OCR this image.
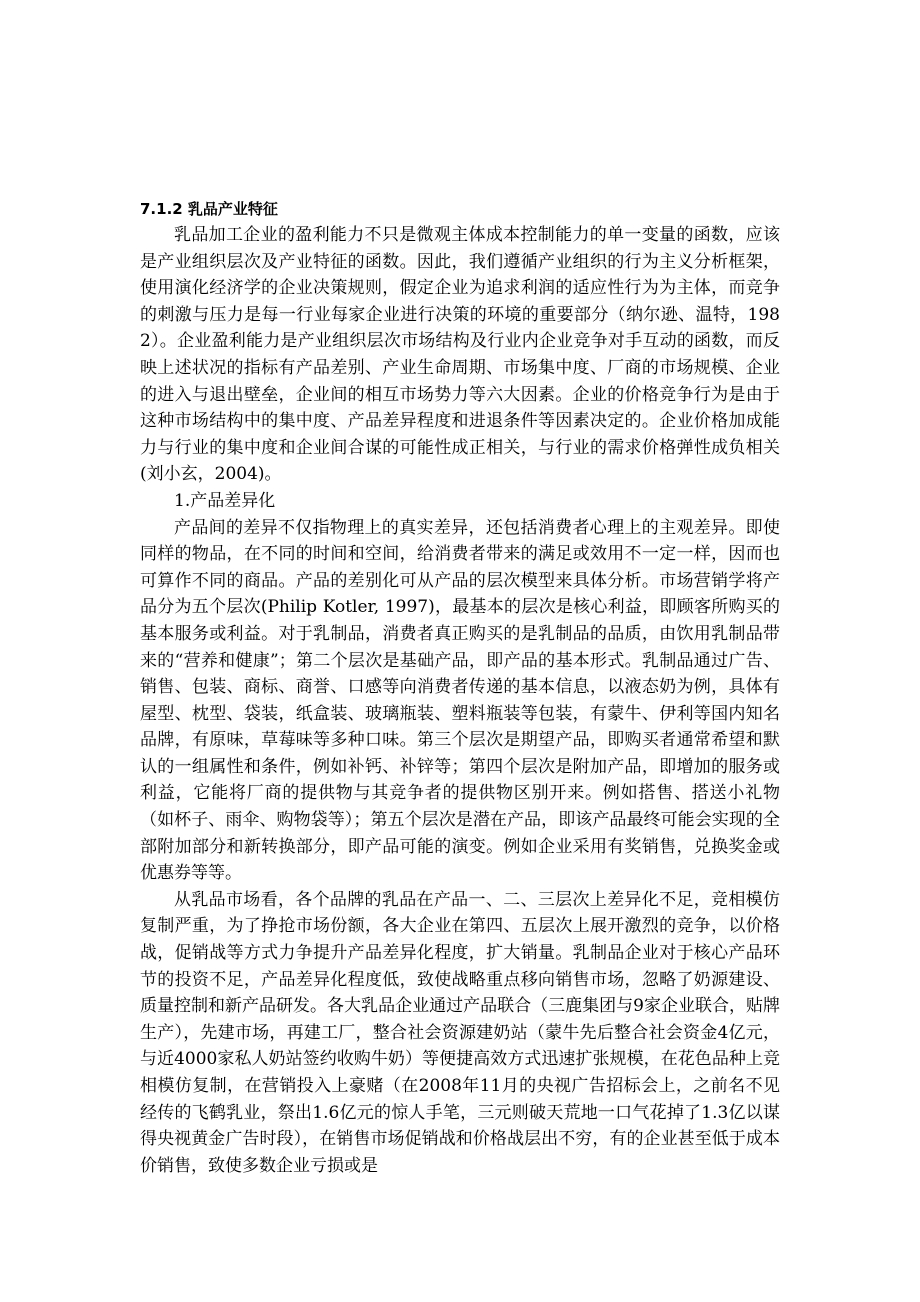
7.1.2 乳品产业特征

乳品加工企业的盈利能力不只是微观主体成本控制能力的单一变量的函数，应该是产业组织层次及产业特征的函数。因此，我们遵循产业组织的行为主义分析框架，使用演化经济学的企业决策规则，假定企业为追求利润的适应性行为为主体，而竞争的刺激与压力是每一行业每家企业进行决策的环境的重要部分（纳尔逊、温特，1982）。企业盈利能力是产业组织层次市场结构及行业内企业竞争对手互动的函数，而反映上述状况的指标有产品差别、产业生命周期、市场集中度、厂商的市场规模、企业的进入与退出壁垒，企业间的相互市场势力等六大因素。企业的价格竞争行为是由于这种市场结构中的集中度、产品差异程度和进退条件等因素决定的。企业价格加成能力与行业的集中度和企业间合谋的可能性成正相关，与行业的需求价格弹性成负相关(刘小玄，2004)。

1.产品差异化

产品间的差异不仅指物理上的真实差异，还包括消费者心理上的主观差异。即使同样的物品，在不同的时间和空间，给消费者带来的满足或效用不一定一样，因而也可算作不同的商品。产品的差别化可从产品的层次模型来具体分析。市场营销学将产品分为五个层次(Philip Kotler, 1997)，最基本的层次是核心利益，即顾客所购买的基本服务或利益。对于乳制品，消费者真正购买的是乳制品的品质，由饮用乳制品带来的“营养和健康”；第二个层次是基础产品，即产品的基本形式。乳制品通过广告、销售、包装、商标、商誉、口感等向消费者传递的基本信息，以液态奶为例，具体有屋型、枕型、袋装，纸盒装、玻璃瓶装、塑料瓶装等包装，有蒙牛、伊利等国内知名品牌，有原味，草莓味等多种口味。第三个层次是期望产品，即购买者通常希望和默认的一组属性和条件，例如补钙、补锌等；第四个层次是附加产品，即增加的服务或利益，它能将厂商的提供物与其竞争者的提供物区别开来。例如搭售、搭送小礼物（如杯子、雨伞、购物袋等）；第五个层次是潜在产品，即该产品最终可能会实现的全部附加部分和新转换部分，即产品可能的演变。例如企业采用有奖销售，兑换奖金或优惠券等等。

从乳品市场看，各个品牌的乳品在产品一、二、三层次上差异化不足，竞相模仿复制严重，为了挣抢市场份额，各大企业在第四、五层次上展开激烈的竞争，以价格战，促销战等方式力争提升产品差异化程度，扩大销量。乳制品企业对于核心产品环节的投资不足，产品差异化程度低，致使战略重点移向销售市场，忽略了奶源建设、质量控制和新产品研发。各大乳品企业通过产品联合（三鹿集团与9家企业联合，贴牌生产），先建市场，再建工厂，整合社会资源建奶站（蒙牛先后整合社会资金4亿元，与近4000家私人奶站签约收购牛奶）等便捷高效方式迅速扩张规模，在花色品种上竞相模仿复制，在营销投入上豪赌（在2008年11月的央视广告招标会上，之前名不见经传的飞鹤乳业，祭出1.6亿元的惊人手笔，三元则破天荒地一口气花掉了1.3亿以谋得央视黄金广告时段），在销售市场促销战和价格战层出不穷，有的企业甚至低于成本价销售，致使多数企业亏损或是
